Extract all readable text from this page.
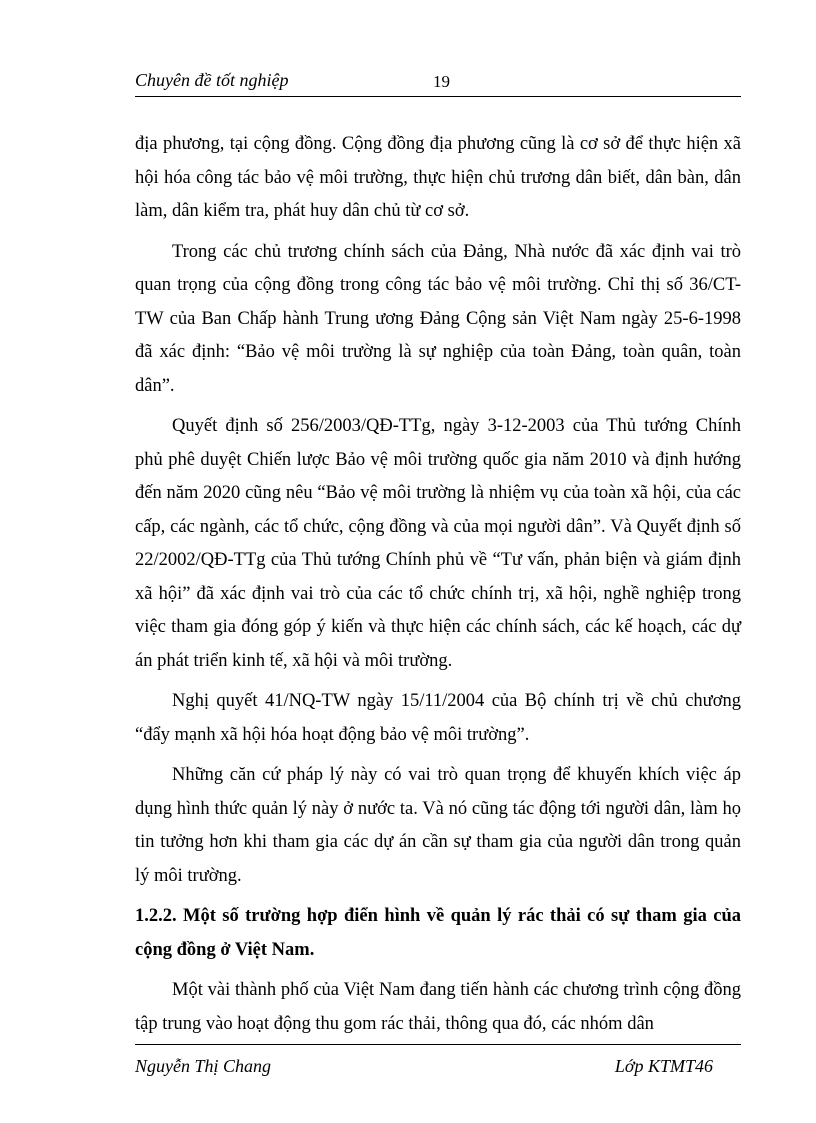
Chuyên đề tốt nghiệp	19

địa phương, tại cộng đồng. Cộng đồng địa phương cũng là cơ sở để thực hiện xã hội hóa công tác bảo vệ môi trường, thực hiện chủ trương dân biết, dân bàn, dân làm, dân kiểm tra, phát huy dân chủ từ cơ sở.

Trong các chủ trương chính sách của Đảng, Nhà nước đã xác định vai trò quan trọng của cộng đồng trong công tác bảo vệ môi trường. Chỉ thị số 36/CT-TW của Ban Chấp hành Trung ương Đảng Cộng sản Việt Nam ngày 25-6-1998 đã xác định: “Bảo vệ môi trường là sự nghiệp của toàn Đảng, toàn quân, toàn dân”.

Quyết định số 256/2003/QĐ-TTg, ngày 3-12-2003 của Thủ tướng Chính phủ phê duyệt Chiến lược Bảo vệ môi trường quốc gia năm 2010 và định hướng đến năm 2020 cũng nêu “Bảo vệ môi trường là nhiệm vụ của toàn xã hội, của các cấp, các ngành, các tổ chức, cộng đồng và của mọi người dân”. Và Quyết định số 22/2002/QĐ-TTg của Thủ tướng Chính phủ về “Tư vấn, phản biện và giám định xã hội” đã xác định vai trò của các tổ chức chính trị, xã hội, nghề nghiệp trong việc tham gia đóng góp ý kiến và thực hiện các chính sách, các kế hoạch, các dự án phát triển kinh tế, xã hội và môi trường.

Nghị quyết 41/NQ-TW ngày 15/11/2004 của Bộ chính trị về chủ chương “đẩy mạnh xã hội hóa hoạt động bảo vệ môi trường”.

Những căn cứ pháp lý này có vai trò quan trọng để khuyến khích việc áp dụng hình thức quản lý này ở nước ta. Và nó cũng tác động tới người dân, làm họ tin tưởng hơn khi tham gia các dự án cần sự tham gia của người dân trong quản lý môi trường.

1.2.2. Một số trường hợp điển hình về quản lý rác thải có sự tham gia của cộng đồng ở Việt Nam.

Một vài thành phố của Việt Nam đang tiến hành các chương trình cộng đồng tập trung vào hoạt động thu gom rác thải, thông qua đó, các nhóm dân

Nguyễn Thị Chang	Lớp KTMT46
